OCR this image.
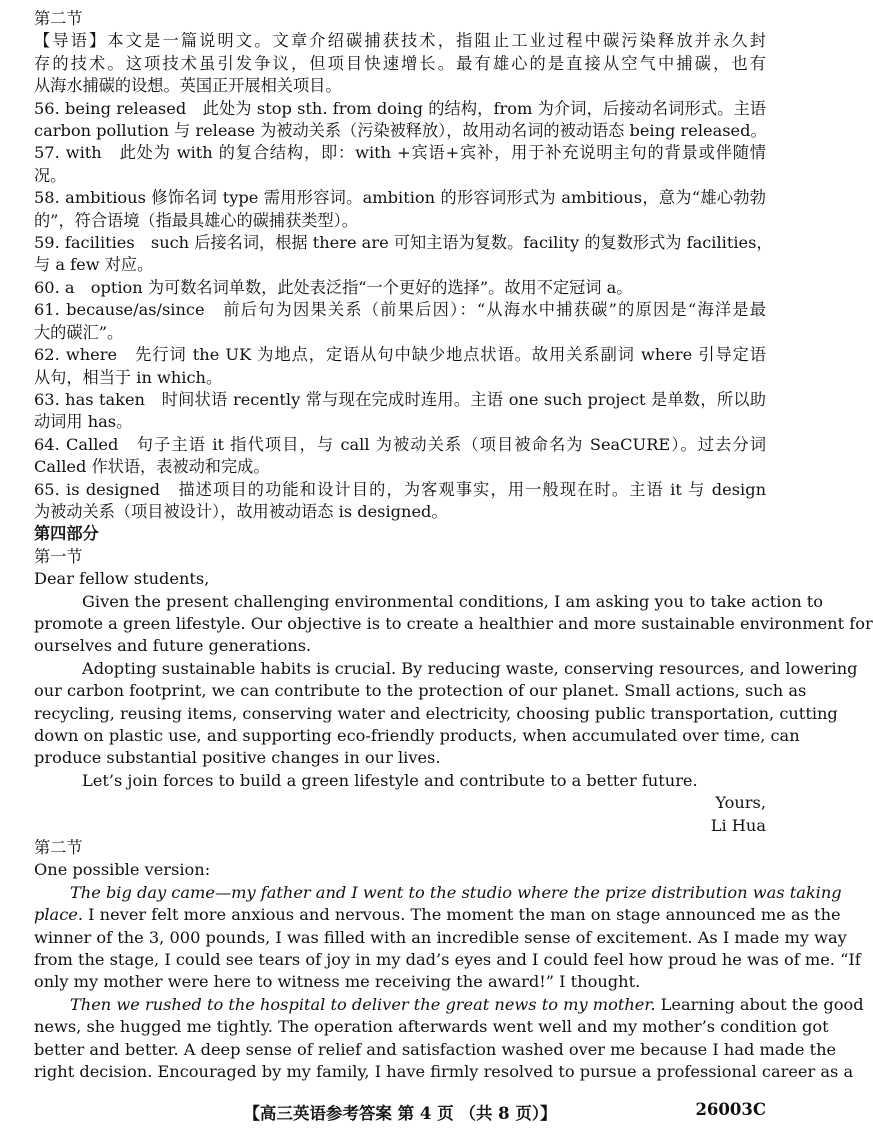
第二节
【导语】本文是一篇说明文。文章介绍碳捕获技术，指阻止工业过程中碳污染释放并永久封
存的技术。这项技术虽引发争议，但项目快速增长。最有雄心的是直接从空气中捕碳，也有
从海水捕碳的设想。英国正开展相关项目。
56. being released　此处为 stop sth. from doing 的结构，from 为介词，后接动名词形式。主语
carbon pollution 与 release 为被动关系（污染被释放），故用动名词的被动语态 being released。
57. with　此处为 with 的复合结构，即：with +宾语+宾补，用于补充说明主句的背景或伴随情
况。
58. ambitious 修饰名词 type 需用形容词。ambition 的形容词形式为 ambitious，意为“雄心勃勃
的”，符合语境（指最具雄心的碳捕获类型）。
59. facilities　such 后接名词，根据 there are 可知主语为复数。facility 的复数形式为 facilities，
与 a few 对应。
60. a　option 为可数名词单数，此处表泛指“一个更好的选择”。故用不定冠词 a。
61. because/as/since　前后句为因果关系（前果后因）：“从海水中捕获碳”的原因是“海洋是最
大的碳汇”。
62. where　先行词 the UK 为地点，定语从句中缺少地点状语。故用关系副词 where 引导定语
从句，相当于 in which。
63. has taken　时间状语 recently 常与现在完成时连用。主语 one such project 是单数，所以助
动词用 has。
64. Called　句子主语 it 指代项目，与 call 为被动关系（项目被命名为 SeaCURE）。过去分词
Called 作状语，表被动和完成。
65. is designed　描述项目的功能和设计目的，为客观事实，用一般现在时。主语 it 与 design
为被动关系（项目被设计），故用被动语态 is designed。
第四部分
第一节
Dear fellow students,
Given the present challenging environmental conditions, I am asking you to take action to
promote a green lifestyle. Our objective is to create a healthier and more sustainable environment for
ourselves and future generations.
Adopting sustainable habits is crucial. By reducing waste, conserving resources, and lowering
our carbon footprint, we can contribute to the protection of our planet. Small actions, such as
recycling, reusing items, conserving water and electricity, choosing public transportation, cutting
down on plastic use, and supporting eco-friendly products, when accumulated over time, can
produce substantial positive changes in our lives.
Let’s join forces to build a green lifestyle and contribute to a better future.
Yours,
Li Hua
第二节
One possible version:
The big day came—my father and I went to the studio where the prize distribution was taking
place. I never felt more anxious and nervous. The moment the man on stage announced me as the
winner of the 3, 000 pounds, I was filled with an incredible sense of excitement. As I made my way
from the stage, I could see tears of joy in my dad’s eyes and I could feel how proud he was of me. “If
only my mother were here to witness me receiving the award!” I thought.
Then we rushed to the hospital to deliver the great news to my mother. Learning about the good
news, she hugged me tightly. The operation afterwards went well and my mother’s condition got
better and better. A deep sense of relief and satisfaction washed over me because I had made the
right decision. Encouraged by my family, I have firmly resolved to pursue a professional career as a
【高三英语参考答案 第 4 页 （共 8 页）】	26003C
